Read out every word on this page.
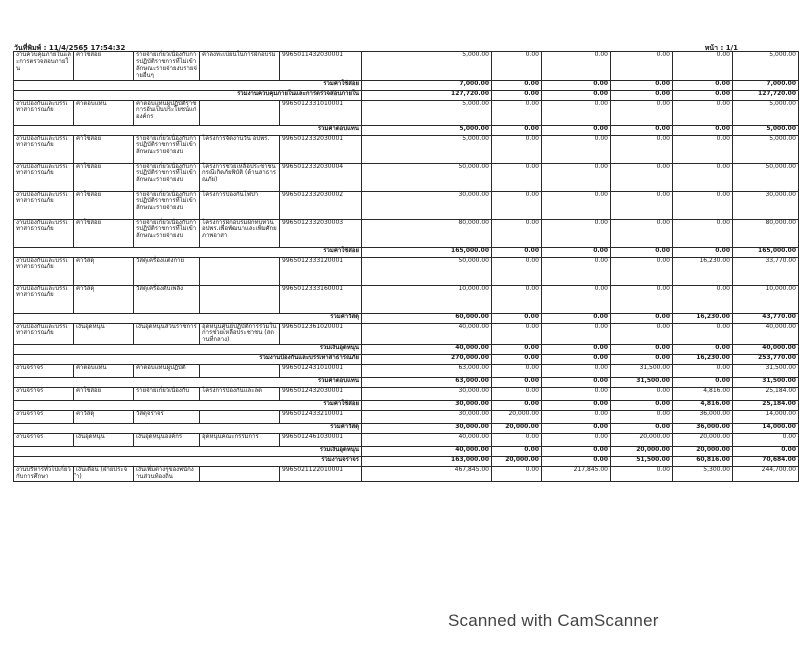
วันที่พิมพ์ : 11/4/2565 17:54:32	หน้า : 1/1
งานควบคุมภายในและการตรวจสอบภายใน	ค่าใช้สอย	รายจ่ายเกี่ยวเนื่องกับการปฏิบัติราชการที่ไม่เข้าลักษณะรายจ่ายงบรายจ่ายอื่นๆ	ค่าลงทะเบียนในการฝึกอบรม	99650114320300​01	5,000.00	0.00	0.00	0.00	0.00	5,000.00
รวมค่าใช้สอย					7,000.00	0.00	0.00	0.00	0.00	7,000.00
รวมงานควบคุมภายในและการตรวจสอบภายใน					127,720.00	0.00	0.00	0.00	0.00	127,720.00
งานป้องกันและบรรเทาสาธารณภัย	ค่าตอบแทน	ค่าตอบแทนผู้ปฏิบัติราชการอันเป็นประโยชน์แก่องค์กร		9965012331010001	5,000.00	0.00	0.00	0.00	0.00	5,000.00
รวมค่าตอบแทน					5,000.00	0.00	0.00	0.00	0.00	5,000.00
งานป้องกันและบรรเทาสาธารณภัย	ค่าใช้สอย	รายจ่ายเกี่ยวเนื่องกับการปฏิบัติราชการที่ไม่เข้าลักษณะรายจ่ายงบ	โครงการจัดงานวัน อปพร.	9965012332030001	5,000.00	0.00	0.00	0.00	0.00	5,000.00
งานป้องกันและบรรเทาสาธารณภัย	ค่าใช้สอย	รายจ่ายเกี่ยวเนื่องกับการปฏิบัติราชการที่ไม่เข้าลักษณะรายจ่ายงบ	โครงการช่วยเหลือประชาชนกรณีเกิดภัยพิบัติ (ด้านสาธารณภัย)	9965012332030004	50,000.00	0.00	0.00	0.00	0.00	50,000.00
งานป้องกันและบรรเทาสาธารณภัย	ค่าใช้สอย	รายจ่ายเกี่ยวเนื่องกับการปฏิบัติราชการที่ไม่เข้าลักษณะรายจ่ายงบ	โครงการป้องกันไฟป่า	9965012332030002	30,000.00	0.00	0.00	0.00	0.00	30,000.00
งานป้องกันและบรรเทาสาธารณภัย	ค่าใช้สอย	รายจ่ายเกี่ยวเนื่องกับการปฏิบัติราชการที่ไม่เข้าลักษณะรายจ่ายงบ	โครงการฝึกอบรมฝึกทบทวน อปพร.เพื่อพัฒนาและเพิ่มศักยภาพอาสา	9965012332030003	80,000.00	0.00	0.00	0.00	0.00	80,000.00
รวมค่าใช้สอย					165,000.00	0.00	0.00	0.00	0.00	165,000.00
งานป้องกันและบรรเทาสาธารณภัย	ค่าวัสดุ	วัสดุเครื่องแต่งกาย		9965012333120001	50,000.00	0.00	0.00	0.00	16,230.00	33,770.00
งานป้องกันและบรรเทาสาธารณภัย	ค่าวัสดุ	วัสดุเครื่องดับเพลิง		9965012333160001	10,000.00	0.00	0.00	0.00	0.00	10,000.00
รวมค่าวัสดุ					60,000.00	0.00	0.00	0.00	16,230.00	43,770.00
งานป้องกันและบรรเทาสาธารณภัย	เงินอุดหนุน	เงินอุดหนุนส่วนราชการ	อุดหนุนศูนย์ปฏิบัติการร่วมในการช่วยเหลือประชาชน (สถานที่กลาง)	9965012361020001	40,000.00	0.00	0.00	0.00	0.00	40,000.00
รวมเงินอุดหนุน					40,000.00	0.00	0.00	0.00	0.00	40,000.00
รวมงานป้องกันและบรรเทาสาธารณภัย					270,000.00	0.00	0.00	0.00	16,230.00	253,770.00
งานจราจร	ค่าตอบแทน	ค่าตอบแทนผู้ปฏิบัติ		9965012431010001	63,000.00	0.00	0.00	31,500.00	0.00	31,500.00
รวมค่าตอบแทน					63,000.00	0.00	0.00	31,500.00	0.00	31,500.00
งานจราจร	ค่าใช้สอย	รายจ่ายเกี่ยวเนื่องกับ	โครงการป้องกันและลด	9965012432030001	30,000.00	0.00	0.00	0.00	4,816.00	25,184.00
รวมค่าใช้สอย					30,000.00	0.00	0.00	0.00	4,816.00	25,184.00
งานจราจร	ค่าวัสดุ	วัสดุจราจร		9965012433210001	30,000.00	20,000.00	0.00	0.00	36,000.00	14,000.00
รวมค่าวัสดุ					30,000.00	20,000.00	0.00	0.00	36,000.00	14,000.00
งานจราจร	เงินอุดหนุน	เงินอุดหนุนองค์กร	อุดหนุนคณะกรรมการ	9965012461030001	40,000.00	0.00	0.00	20,000.00	20,000.00	0.00
รวมเงินอุดหนุน					40,000.00	0.00	0.00	20,000.00	20,000.00	0.00
รวมงานจราจร					163,000.00	20,000.00	0.00	51,500.00	60,816.00	70,684.00
งานบริหารทั่วไปเกี่ยวกับการศึกษา	เงินเดือน (ฝ่ายประจำ)	เงินเพิ่มต่างๆของพนักงานส่วนท้องถิ่น		9965021122010001	467,845.00	0.00	217,845.00	0.00	5,300.00	244,700.00
Scanned with CamScanner
